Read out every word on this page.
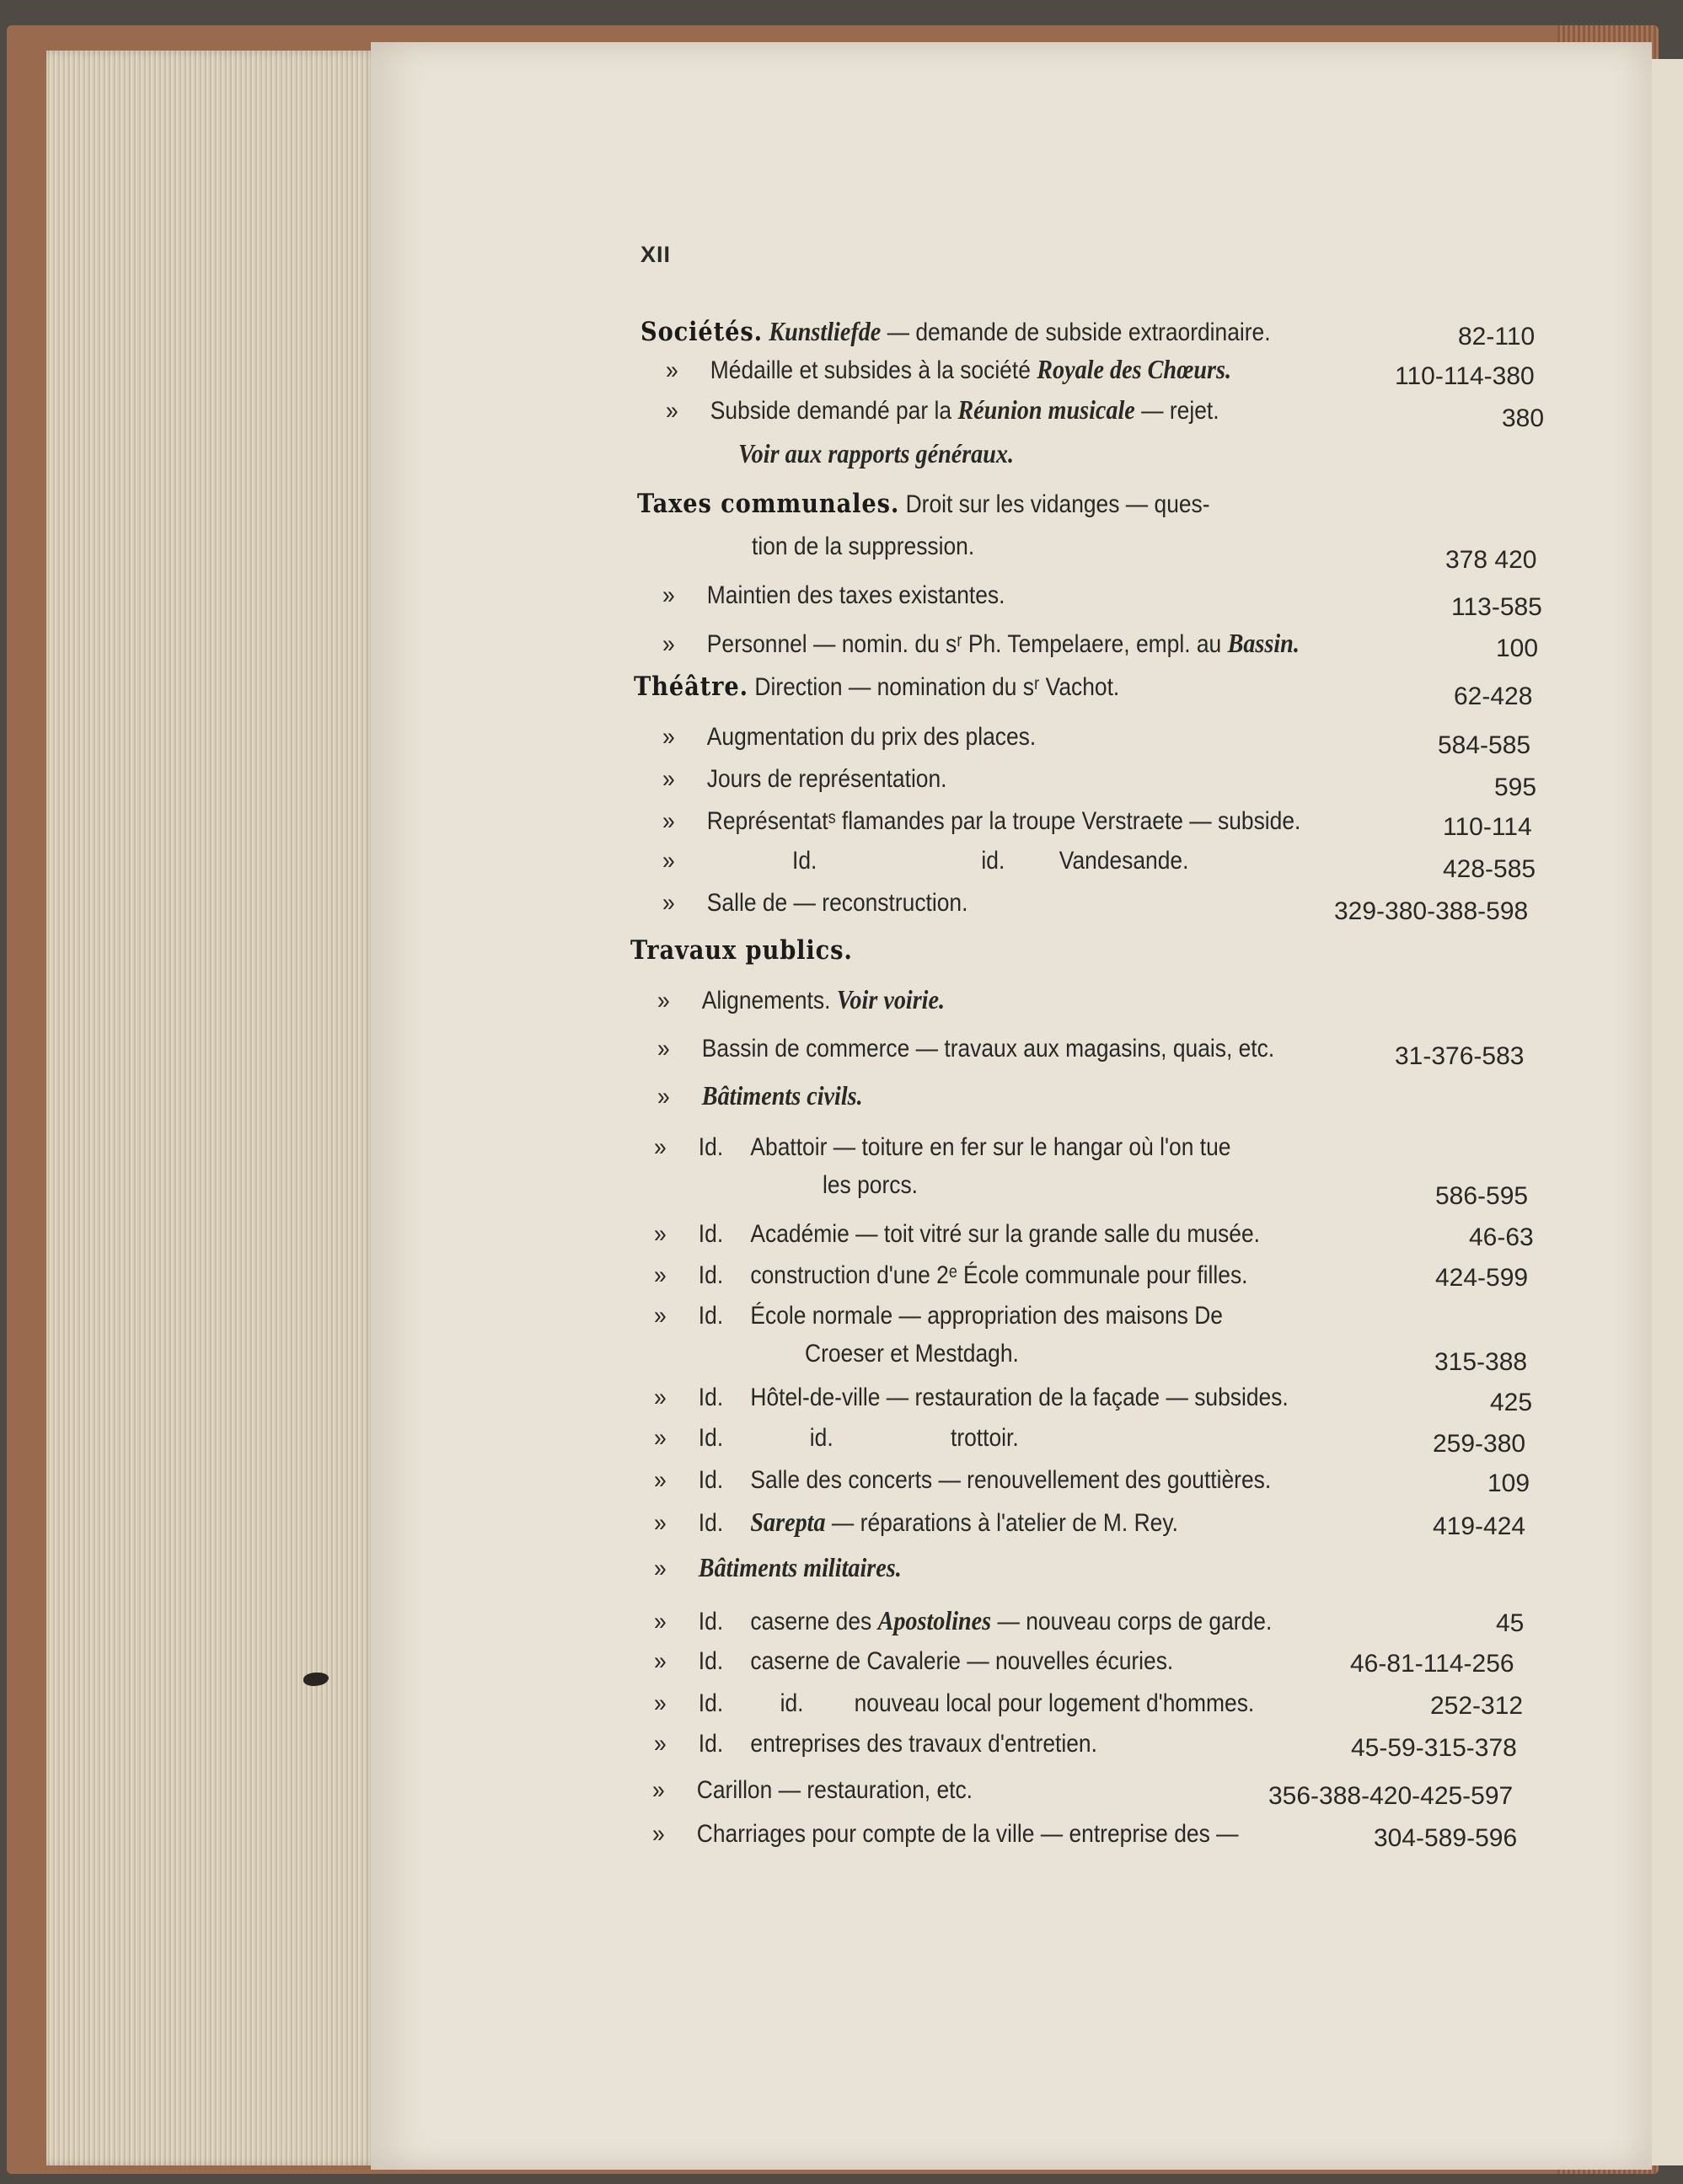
XII
Sociétés. Kunstliefde — demande de subside extraordinaire.	82-110
» Médaille et subsides à la société Royale des Chœurs.	110-114-380
» Subside demandé par la Réunion musicale — rejet.	380
Voir aux rapports généraux.
Taxes communales. Droit sur les vidanges — ques-
tion de la suppression.	378 420
» Maintien des taxes existantes.	113-585
» Personnel — nomin. du sʳ Ph. Tempelaere, empl. au Bassin.	100
Théâtre. Direction — nomination du sʳ Vachot.	62-428
» Augmentation du prix des places.	584-585
» Jours de représentation.	595
» Représentatˢ flamandes par la troupe Verstraete — subside.	110-114
»	Id.	id. Vandesande.	428-585
» Salle de — reconstruction.	329-380-388-598
Travaux publics.
» Alignements. Voir voirie.
» Bassin de commerce — travaux aux magasins, quais, etc.	31-376-583
» Bâtiments civils.
» Id. Abattoir — toiture en fer sur le hangar où l'on tue
les porcs.	586-595
» Id. Académie — toit vitré sur la grande salle du musée.	46-63
» Id. construction d'une 2ᵉ École communale pour filles.	424-599
» Id. École normale — appropriation des maisons De
Croeser et Mestdagh.	315-388
» Id. Hôtel-de-ville — restauration de la façade — subsides.	425
» Id.	id.	trottoir.	259-380
» Id. Salle des concerts — renouvellement des gouttières.	109
» Id. Sarepta — réparations à l'atelier de M. Rey.	419-424
» Bâtiments militaires.
» Id. caserne des Apostolines — nouveau corps de garde.	45
» Id. caserne de Cavalerie — nouvelles écuries.	46-81-114-256
» Id. id. nouveau local pour logement d'hommes.	252-312
» Id. entreprises des travaux d'entretien.	45-59-315-378
» Carillon — restauration, etc.	356-388-420-425-597
» Charriages pour compte de la ville — entreprise des —	304-589-596
